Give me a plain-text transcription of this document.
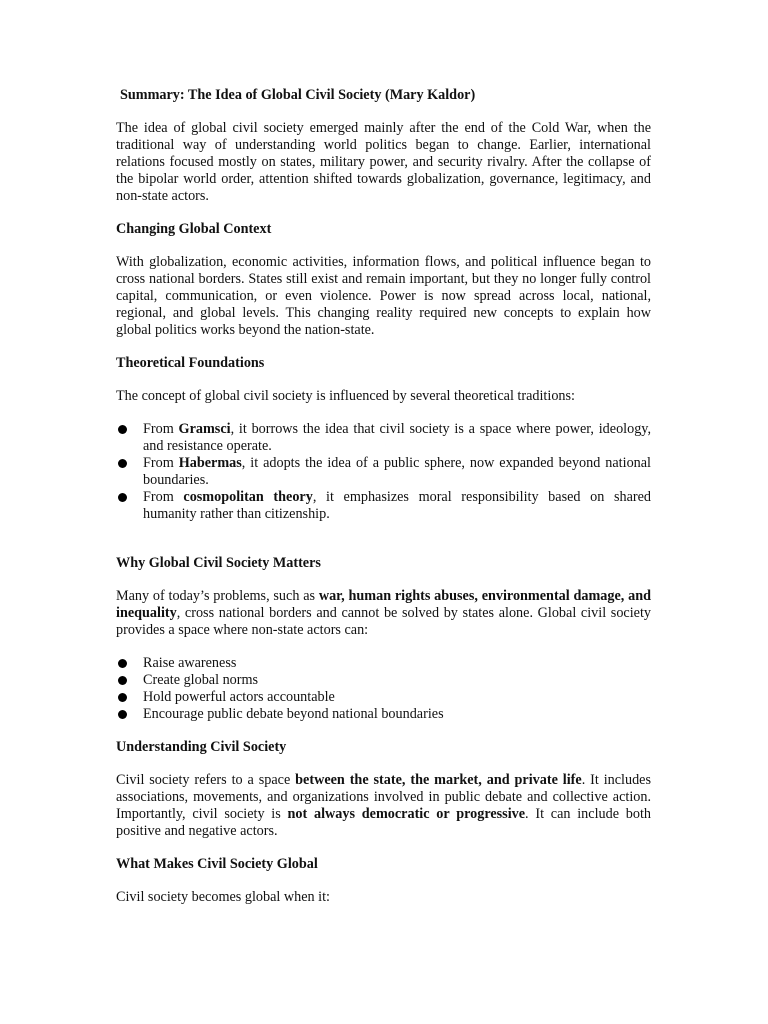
Summary: The Idea of Global Civil Society (Mary Kaldor)

The idea of global civil society emerged mainly after the end of the Cold War, when the traditional way of understanding world politics began to change. Earlier, international relations focused mostly on states, military power, and security rivalry. After the collapse of the bipolar world order, attention shifted towards globalization, governance, legitimacy, and non-state actors.

Changing Global Context

With globalization, economic activities, information flows, and political influence began to cross national borders. States still exist and remain important, but they no longer fully control capital, communication, or even violence. Power is now spread across local, national, regional, and global levels. This changing reality required new concepts to explain how global politics works beyond the nation-state.

Theoretical Foundations

The concept of global civil society is influenced by several theoretical traditions:

From Gramsci, it borrows the idea that civil society is a space where power, ideology, and resistance operate.
From Habermas, it adopts the idea of a public sphere, now expanded beyond national boundaries.
From cosmopolitan theory, it emphasizes moral responsibility based on shared humanity rather than citizenship.
Why Global Civil Society Matters

Many of today’s problems, such as war, human rights abuses, environmental damage, and inequality, cross national borders and cannot be solved by states alone. Global civil society provides a space where non-state actors can:

Raise awareness
Create global norms
Hold powerful actors accountable
Encourage public debate beyond national boundaries
Understanding Civil Society

Civil society refers to a space between the state, the market, and private life. It includes associations, movements, and organizations involved in public debate and collective action. Importantly, civil society is not always democratic or progressive. It can include both positive and negative actors.

What Makes Civil Society Global

Civil society becomes global when it:
